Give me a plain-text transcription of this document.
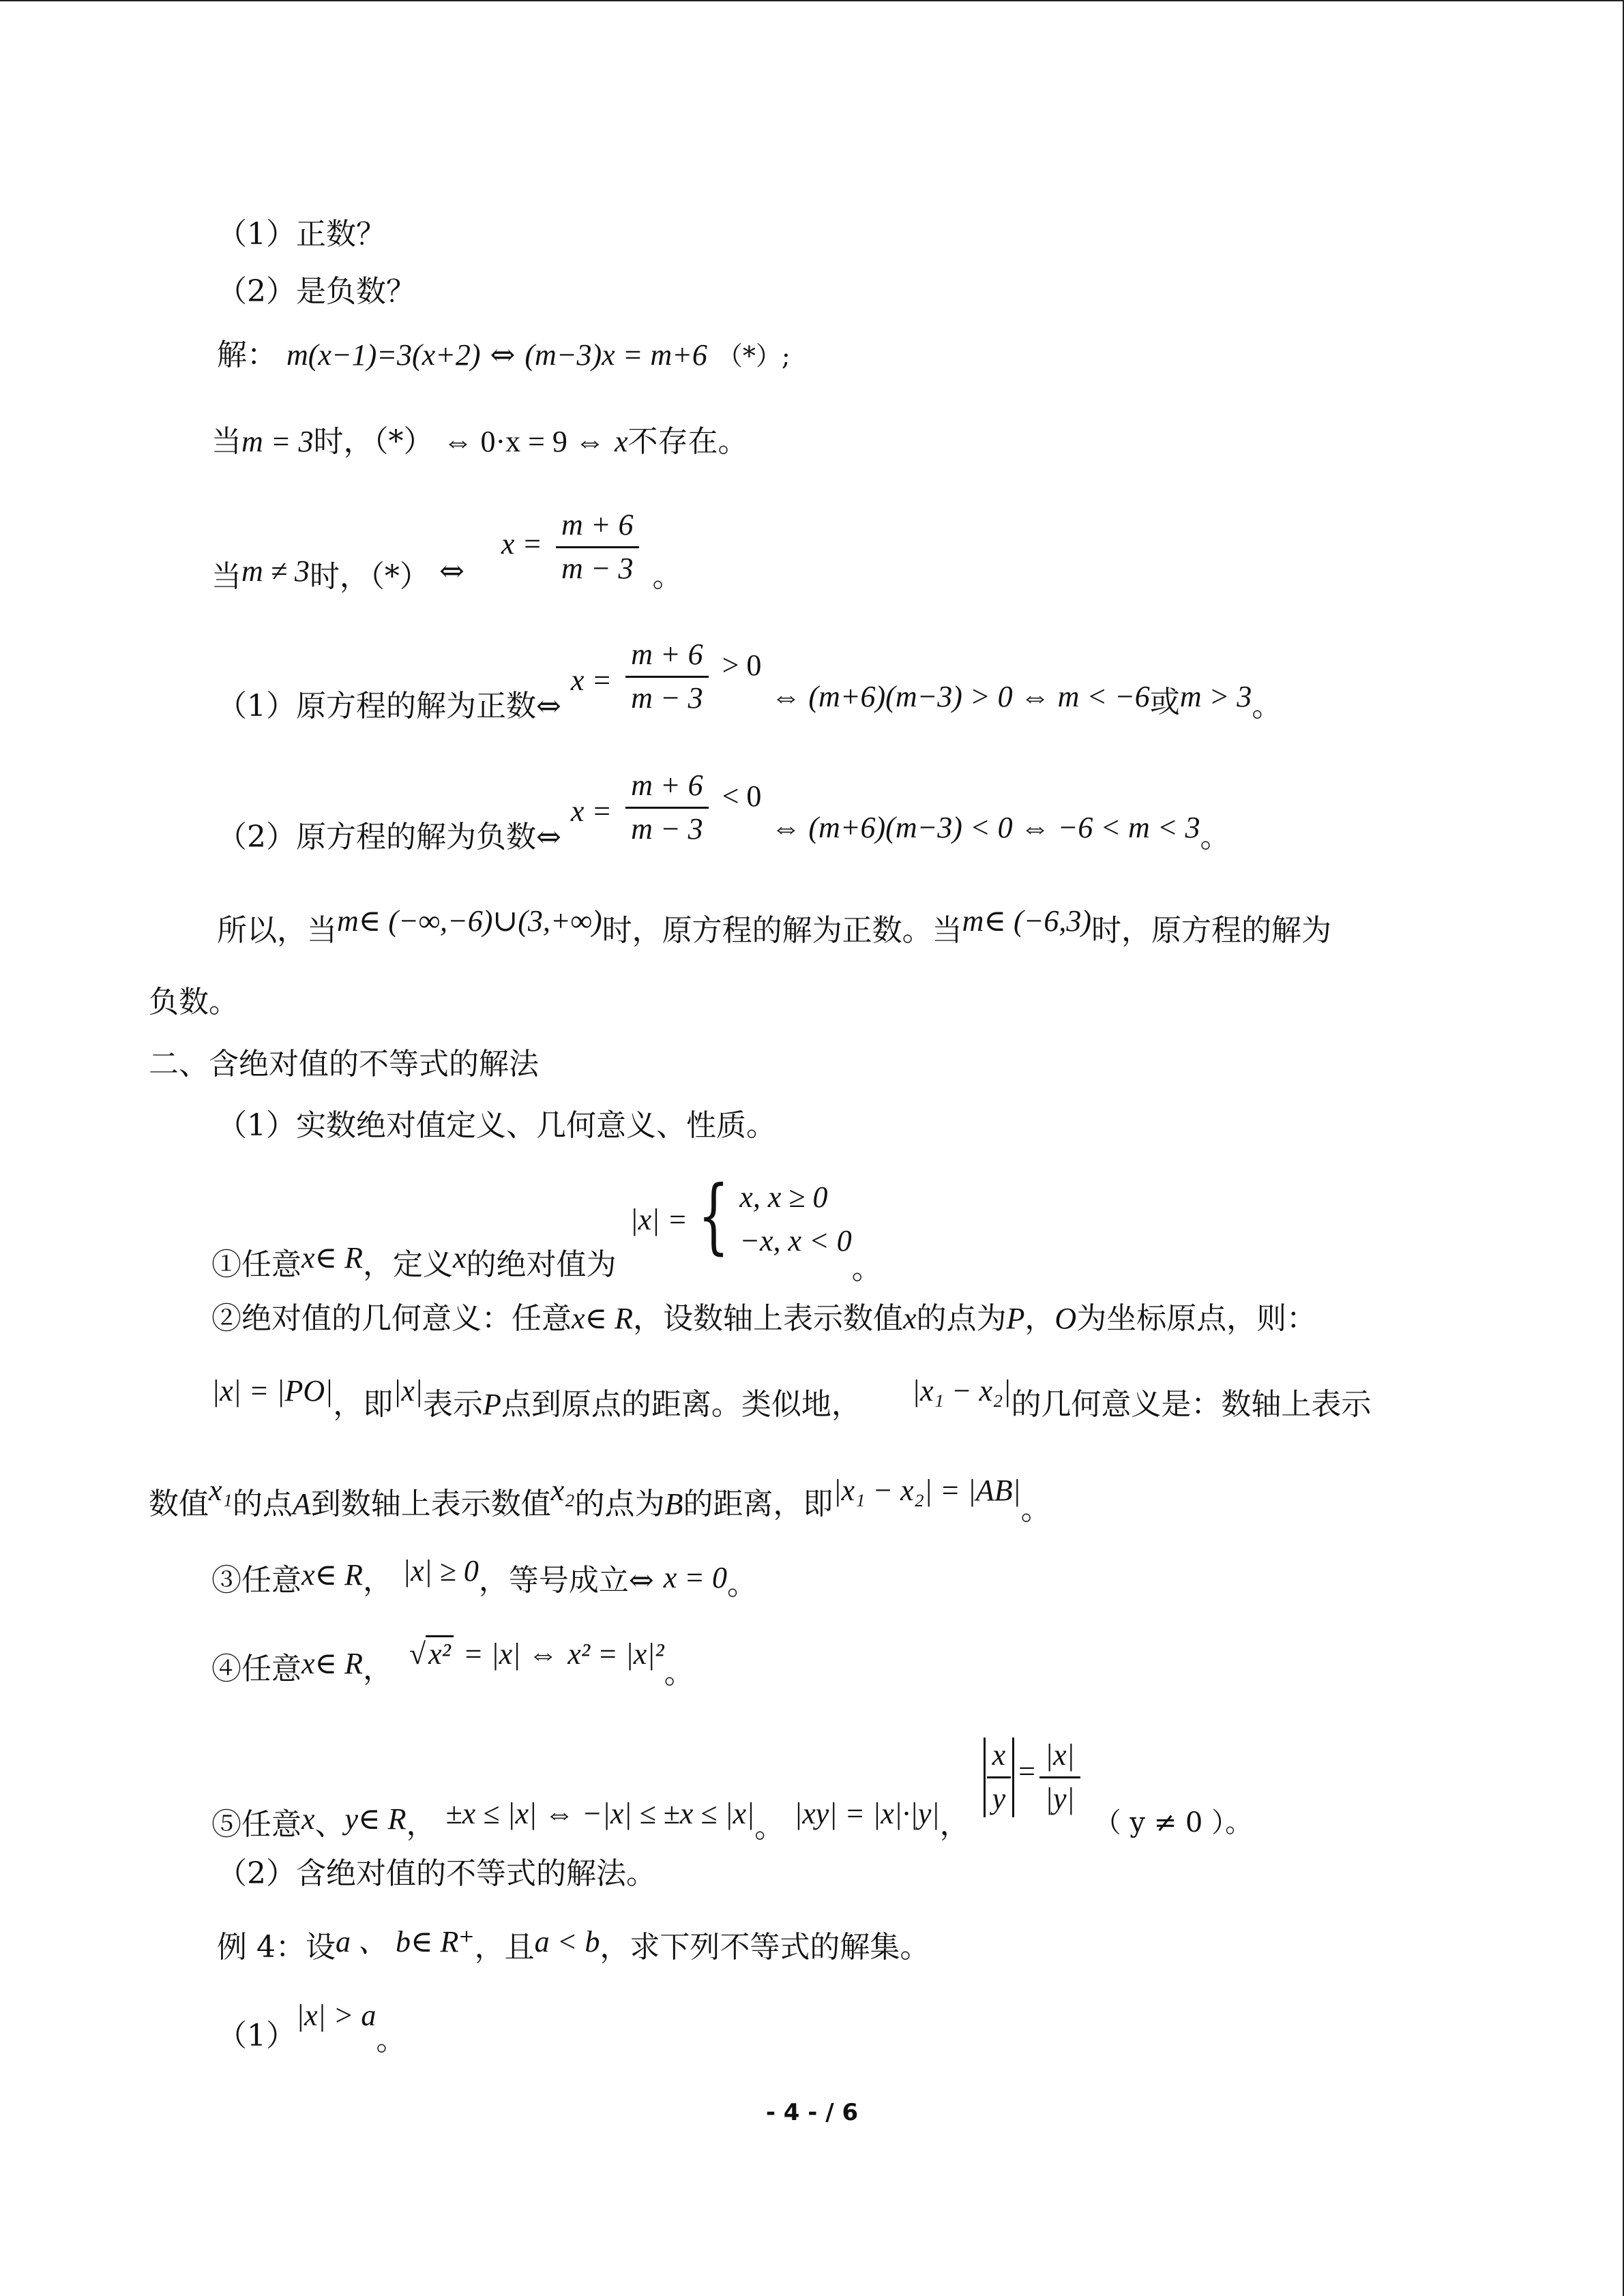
（1）正数？
（2）是负数？
解： m(x−1)=3(x+2) ⇔ (m−3)x = m+6 （*）;
当m = 3时，（*） ⇔ 0·x = 9 ⇔ x不存在。
当m ≠ 3时，（*） ⇔ $x = \frac{m + 6}{m - 3}$ 。
（1）原方程的解为正数⇔ $x = \frac{m + 6}{m - 3} > 0$ ⇔ (m+6)(m−3) > 0 ⇔ m < −6或m > 3。
（2）原方程的解为负数⇔ $x = \frac{m + 6}{m - 3} < 0$ ⇔ (m+6)(m−3) < 0 ⇔ −6 < m < 3。
所以，当m∈ (−∞,−6)∪(3,+∞)时，原方程的解为正数。当m∈ (−6,3)时，原方程的解为
负数。
二、含绝对值的不等式的解法
（1）实数绝对值定义、几何意义、性质。
①任意x∈ R，定义x的绝对值为 |x| = { x, x ≥ 0
−x, x < 0
。
②绝对值的几何意义：任意x∈ R，设数轴上表示数值x的点为P，O为坐标原点，则：
|x| = |PO|，即|x|表示P点到原点的距离。类似地， |x₁ − x₂|的几何意义是：数轴上表示
数值x₁的点A到数轴上表示数值x₂的点为B的距离，即|x₁ − x₂| = |AB|。
③任意x∈ R， |x| ≥ 0，等号成立⇔ x = 0。
④任意x∈ R， √x² = |x| ⇔ x² = |x|²。
⑤任意x、y∈ R， ±x ≤ |x| ⇔ −|x| ≤ ±x ≤ |x|。 |xy| = |x|·|y|，
$\frac{x}{y} = \frac{|x|}{|y|}$
（ y ≠ 0 ）。
（2）含绝对值的不等式的解法。
例 4：设a 、 b∈ R⁺，且a < b，求下列不等式的解集。
（1）|x| > a。
- 4 - / 6
